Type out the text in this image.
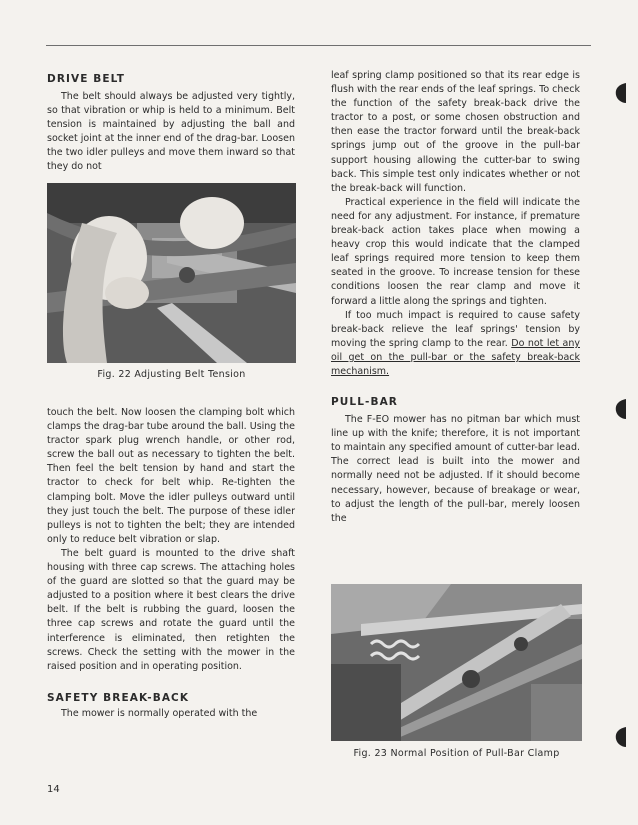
DRIVE BELT

The belt should always be adjusted very tightly, so that vibration or whip is held to a minimum. Belt tension is maintained by adjusting the ball and socket joint at the inner end of the drag-bar. Loosen the two idler pulleys and move them inward so that they do not

Fig. 22 Adjusting Belt Tension

touch the belt. Now loosen the clamping bolt which clamps the drag-bar tube around the ball. Using the tractor spark plug wrench handle, or other rod, screw the ball out as necessary to tighten the belt. Then feel the belt tension by hand and start the tractor to check for belt whip. Re-tighten the clamping bolt. Move the idler pulleys outward until they just touch the belt. The purpose of these idler pulleys is not to tighten the belt; they are intended only to reduce belt vibration or slap.

The belt guard is mounted to the drive shaft housing with three cap screws. The attaching holes of the guard are slotted so that the guard may be adjusted to a position where it best clears the drive belt. If the belt is rubbing the guard, loosen the three cap screws and rotate the guard until the interference is eliminated, then retighten the screws. Check the setting with the mower in the raised position and in operating position.

SAFETY BREAK-BACK

The mower is normally operated with the

leaf spring clamp positioned so that its rear edge is flush with the rear ends of the leaf springs. To check the function of the safety break-back drive the tractor to a post, or some chosen obstruction and then ease the tractor forward until the break-back springs jump out of the groove in the pull-bar support housing allowing the cutter-bar to swing back. This simple test only indicates whether or not the break-back will function.

Practical experience in the field will indicate the need for any adjustment. For instance, if premature break-back action takes place when mowing a heavy crop this would indicate that the clamped leaf springs required more tension to keep them seated in the groove. To increase tension for these conditions loosen the rear clamp and move it forward a little along the springs and tighten.

If too much impact is required to cause safety break-back relieve the leaf springs' tension by moving the spring clamp to the rear. Do not let any oil get on the pull-bar or the safety break-back mechanism.

PULL-BAR

The F-EO mower has no pitman bar which must line up with the knife; therefore, it is not important to maintain any specified amount of cutter-bar lead. The correct lead is built into the mower and normally need not be adjusted. If it should become necessary, however, because of breakage or wear, to adjust the length of the pull-bar, merely loosen the

Fig. 23 Normal Position of Pull-Bar Clamp
14
